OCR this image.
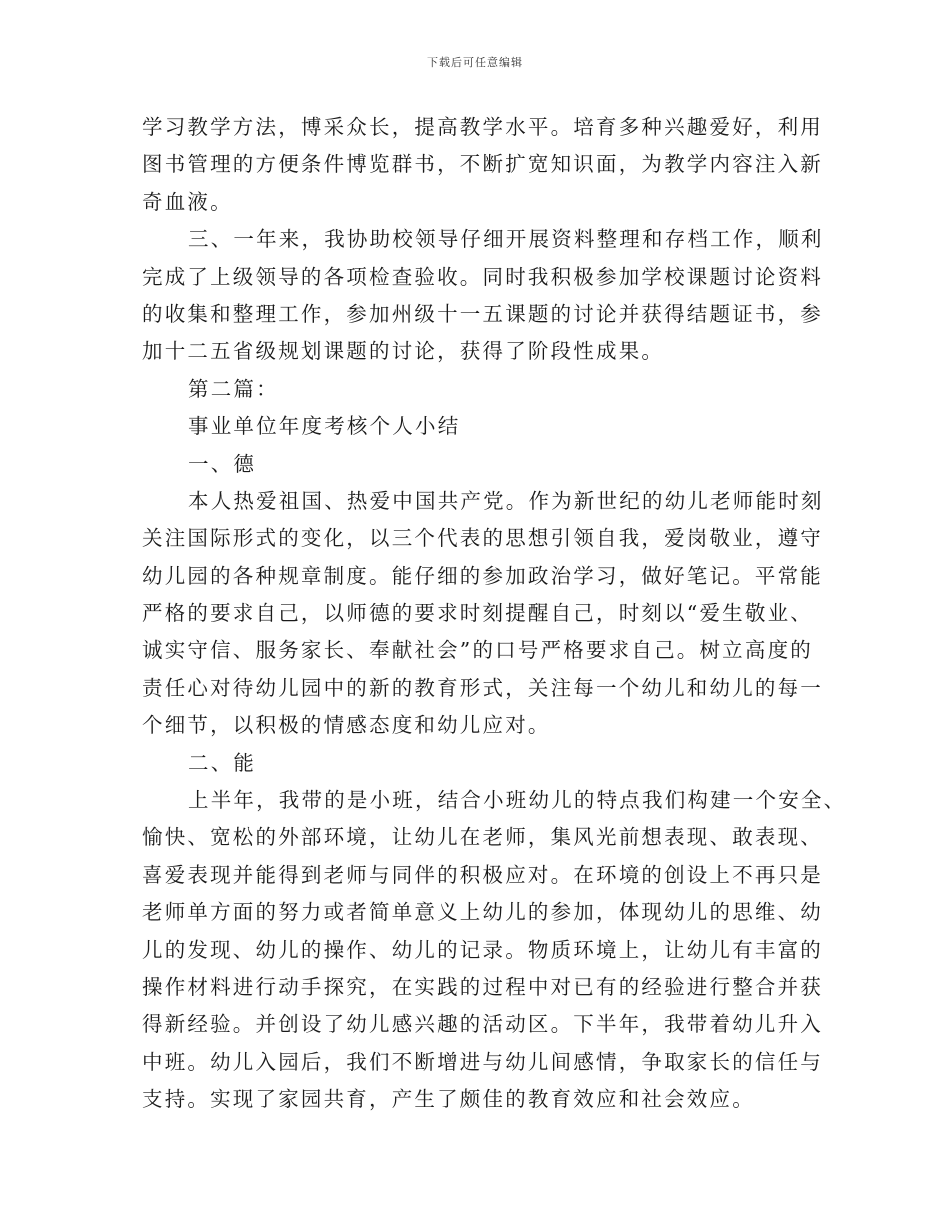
下载后可任意编辑
学习教学方法，博采众长，提高教学水平。培育多种兴趣爱好，利用
图书管理的方便条件博览群书，不断扩宽知识面，为教学内容注入新
奇血液。
三、一年来，我协助校领导仔细开展资料整理和存档工作，顺利
完成了上级领导的各项检查验收。同时我积极参加学校课题讨论资料
的收集和整理工作，参加州级十一五课题的讨论并获得结题证书，参
加十二五省级规划课题的讨论，获得了阶段性成果。
第二篇：
事业单位年度考核个人小结
一、德
本人热爱祖国、热爱中国共产党。作为新世纪的幼儿老师能时刻
关注国际形式的变化，以三个代表的思想引领自我，爱岗敬业，遵守
幼儿园的各种规章制度。能仔细的参加政治学习，做好笔记。平常能
严格的要求自己，以师德的要求时刻提醒自己，时刻以“爱生敬业、
诚实守信、服务家长、奉献社会”的口号严格要求自己。树立高度的
责任心对待幼儿园中的新的教育形式，关注每一个幼儿和幼儿的每一
个细节，以积极的情感态度和幼儿应对。
二、能
上半年，我带的是小班，结合小班幼儿的特点我们构建一个安全、
愉快、宽松的外部环境，让幼儿在老师，集风光前想表现、敢表现、
喜爱表现并能得到老师与同伴的积极应对。在环境的创设上不再只是
老师单方面的努力或者简单意义上幼儿的参加，体现幼儿的思维、幼
儿的发现、幼儿的操作、幼儿的记录。物质环境上，让幼儿有丰富的
操作材料进行动手探究，在实践的过程中对已有的经验进行整合并获
得新经验。并创设了幼儿感兴趣的活动区。下半年，我带着幼儿升入
中班。幼儿入园后，我们不断增进与幼儿间感情，争取家长的信任与
支持。实现了家园共育，产生了颇佳的教育效应和社会效应。
